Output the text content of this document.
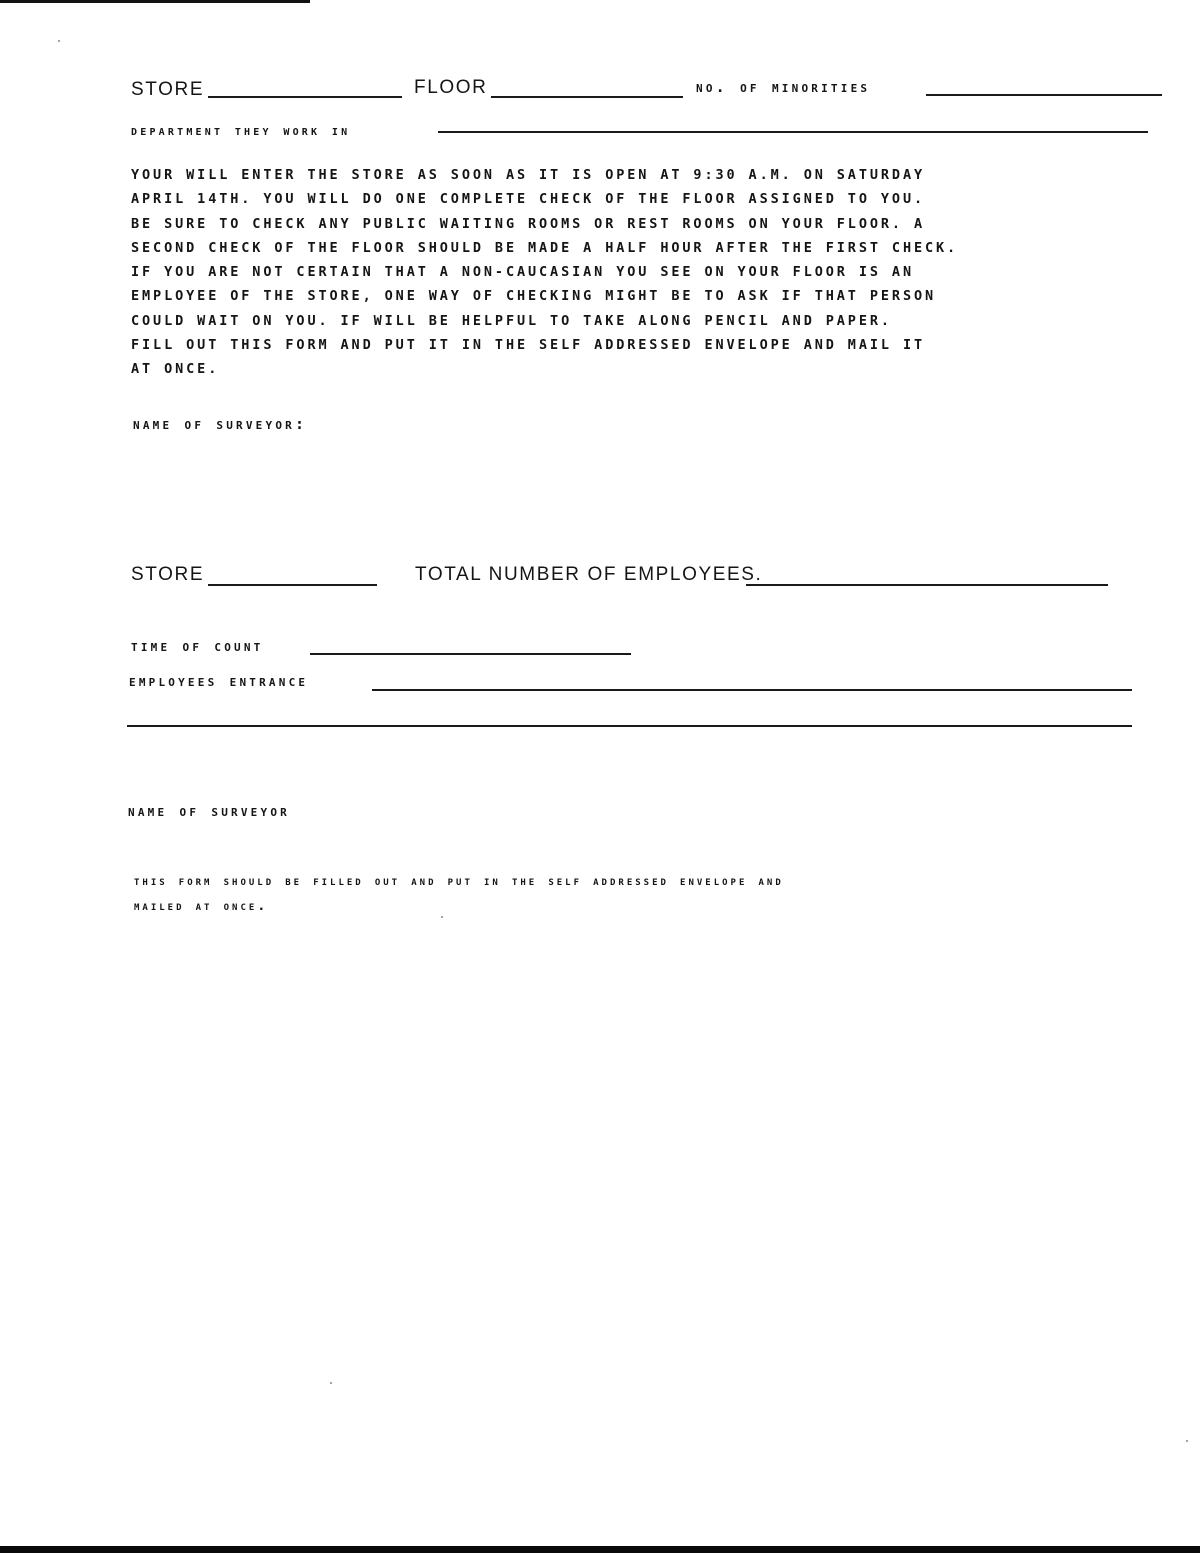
STORE	FLOOR	no. of minorities
department they work in
YOUR WILL ENTER THE STORE AS SOON AS IT IS OPEN AT 9:30 A.M. ON SATURDAY
APRIL 14TH. YOU WILL DO ONE COMPLETE CHECK OF THE FLOOR ASSIGNED TO YOU.
BE SURE TO CHECK ANY PUBLIC WAITING ROOMS OR REST ROOMS ON YOUR FLOOR. A
SECOND CHECK OF THE FLOOR SHOULD BE MADE A HALF HOUR AFTER THE FIRST CHECK.
IF YOU ARE NOT CERTAIN THAT A NON-CAUCASIAN YOU SEE ON YOUR FLOOR IS AN
EMPLOYEE OF THE STORE, ONE WAY OF CHECKING MIGHT BE TO ASK IF THAT PERSON
COULD WAIT ON YOU. IF WILL BE HELPFUL TO TAKE ALONG PENCIL AND PAPER.
FILL OUT THIS FORM AND PUT IT IN THE SELF ADDRESSED ENVELOPE AND MAIL IT
AT ONCE.
name of surveyor:
STORE	TOTAL NUMBER OF EMPLOYEES.
time of count
employees entrance
name of surveyor
this form should be filled out and put in the self addressed envelope and
mailed at once.
